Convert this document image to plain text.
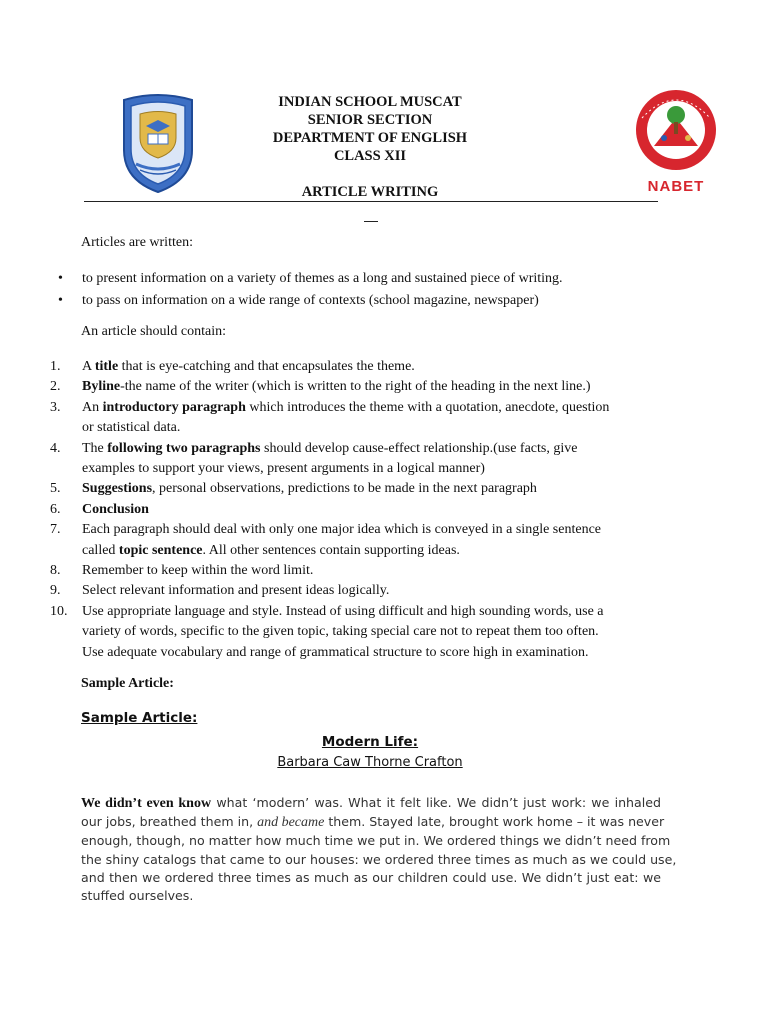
NABET
INDIAN SCHOOL MUSCAT
SENIOR SECTION
DEPARTMENT OF ENGLISH
CLASS XII
ARTICLE WRITING
Articles are written:
• to present information on a variety of themes as a long and sustained piece of writing.
• to pass on information on a wide range of contexts (school magazine, newspaper)
An article should contain:
1.	A title that is eye-catching and that encapsulates the theme.
2.	Byline-the name of the writer (which is written to the right of the heading in the next line.)
3.	An introductory paragraph which introduces the theme with a quotation, anecdote, question
or statistical data.
4.	The following two paragraphs should develop cause-effect relationship.(use facts, give
examples to support your views, present arguments in a logical manner)
5.	Suggestions, personal observations, predictions to be made in the next paragraph
6.	Conclusion
7.	Each paragraph should deal with only one major idea which is conveyed in a single sentence
called topic sentence. All other sentences contain supporting ideas.
8.	Remember to keep within the word limit.
9.	Select relevant information and present ideas logically.
10.	Use appropriate language and style. Instead of using difficult and high sounding words, use a
variety of words, specific to the given topic, taking special care not to repeat them too often.
Use adequate vocabulary and range of grammatical structure to score high in examination.
Sample Article:
Sample Article:
Modern Life:
Barbara Caw Thorne Crafton
We didn’t even know what ‘modern’ was. What it felt like. We didn’t just work: we inhaled
our jobs, breathed them in, and became them. Stayed late, brought work home – it was never
enough, though, no matter how much time we put in. We ordered things we didn’t need from
the shiny catalogs that came to our houses: we ordered three times as much as we could use,
and then we ordered three times as much as our children could use. We didn’t just eat: we
stuffed ourselves.
